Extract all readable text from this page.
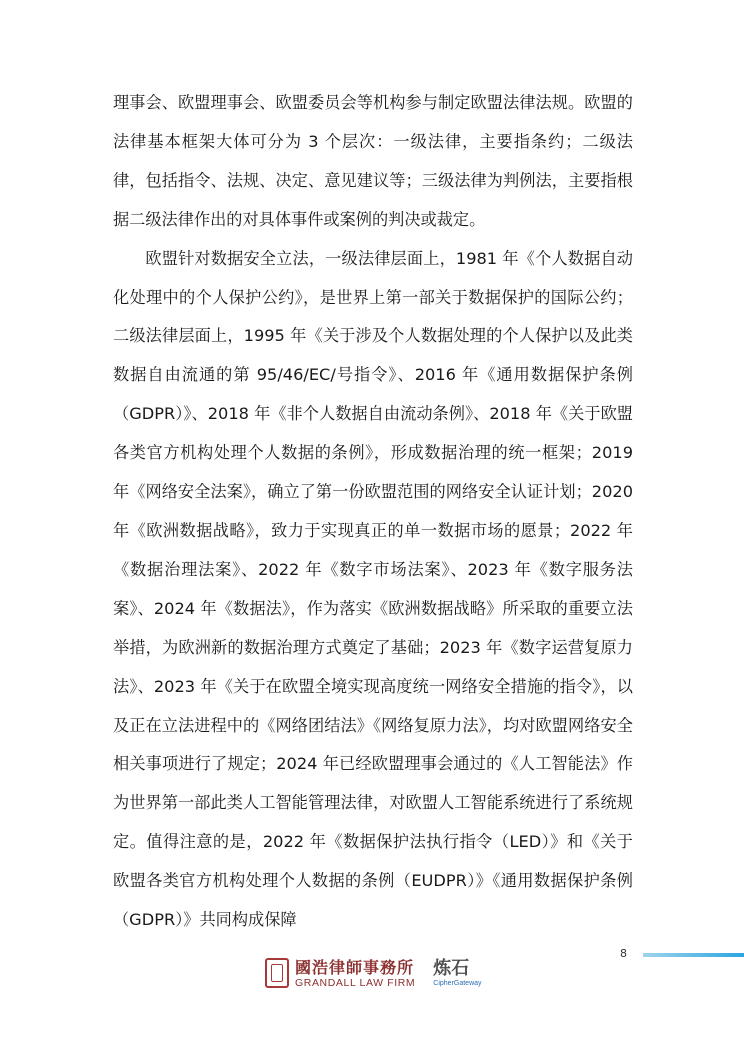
理事会、欧盟理事会、欧盟委员会等机构参与制定欧盟法律法规。欧盟的法律基本框架大体可分为 3 个层次：一级法律，主要指条约；二级法律，包括指令、法规、决定、意见建议等；三级法律为判例法，主要指根据二级法律作出的对具体事件或案例的判决或裁定。

欧盟针对数据安全立法，一级法律层面上，1981 年《个人数据自动化处理中的个人保护公约》，是世界上第一部关于数据保护的国际公约；二级法律层面上，1995 年《关于涉及个人数据处理的个人保护以及此类数据自由流通的第 95/46/EC/号指令》、2016 年《通用数据保护条例（GDPR）》、2018 年《非个人数据自由流动条例》、2018 年《关于欧盟各类官方机构处理个人数据的条例》，形成数据治理的统一框架；2019 年《网络安全法案》，确立了第一份欧盟范围的网络安全认证计划；2020 年《欧洲数据战略》，致力于实现真正的单一数据市场的愿景；2022 年《数据治理法案》、2022 年《数字市场法案》、2023 年《数字服务法案》、2024 年《数据法》，作为落实《欧洲数据战略》所采取的重要立法举措，为欧洲新的数据治理方式奠定了基础；2023 年《数字运营复原力法》、2023 年《关于在欧盟全境实现高度统一网络安全措施的指令》，以及正在立法进程中的《网络团结法》《网络复原力法》，均对欧盟网络安全相关事项进行了规定；2024 年已经欧盟理事会通过的《人工智能法》作为世界第一部此类人工智能管理法律，对欧盟人工智能系统进行了系统规定。值得注意的是，2022 年《数据保护法执行指令（LED）》和《关于欧盟各类官方机构处理个人数据的条例（EUDPR）》《通用数据保护条例（GDPR）》共同构成保障

8
國浩律師事務所
GRANDALL LAW FIRM
炼石
CipherGateway
